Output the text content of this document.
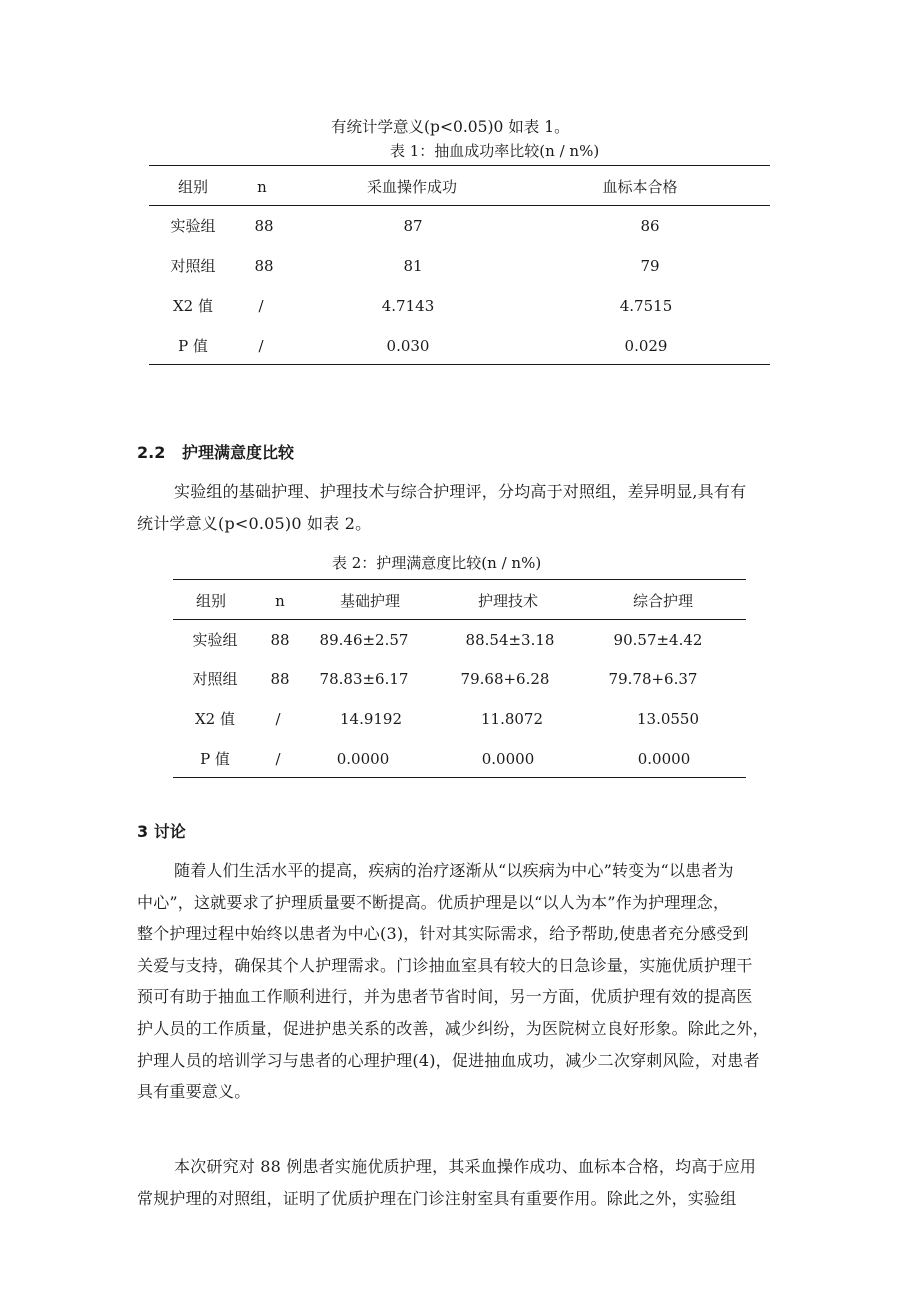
有统计学意义(p<0.05)0 如表 1。
表 1：抽血成功率比较(n / n%)
组别	n	采血操作成功	血标本合格
实验组	88	87	86
对照组	88	81	79
X2 值	/	4.7143	4.7515
P 值	/	0.030	0.029
2.2   护理满意度比较
实验组的基础护理、护理技术与综合护理评，分均高于对照组，差异明显,具有有
统计学意义(p<0.05)0 如表 2。
表 2：护理满意度比较(n / n%)
组别	n	基础护理	护理技术	综合护理
实验组 88 89.46±2.57	88.54±3.18	90.57±4.42
对照组 88 78.83±6.17	79.68+6.28	79.78+6.37
X2 值	/	14.9192	11.8072	13.0550
P 值	/	0.0000	0.0000	0.0000
3 讨论
随着人们生活水平的提高，疾病的治疗逐渐从“以疾病为中心”转变为“以患者为
中心”，这就要求了护理质量要不断提高。优质护理是以“以人为本”作为护理理念，
整个护理过程中始终以患者为中心(3)，针对其实际需求，给予帮助,使患者充分感受到
关爱与支持，确保其个人护理需求。门诊抽血室具有较大的日急诊量，实施优质护理干
预可有助于抽血工作顺利进行，并为患者节省时间，另一方面，优质护理有效的提高医
护人员的工作质量，促进护患关系的改善，减少纠纷，为医院树立良好形象。除此之外，
护理人员的培训学习与患者的心理护理(4)，促进抽血成功，减少二次穿刺风险，对患者
具有重要意义。
本次研究对 88 例患者实施优质护理，其采血操作成功、血标本合格，均高于应用
常规护理的对照组，证明了优质护理在门诊注射室具有重要作用。除此之外，实验组
